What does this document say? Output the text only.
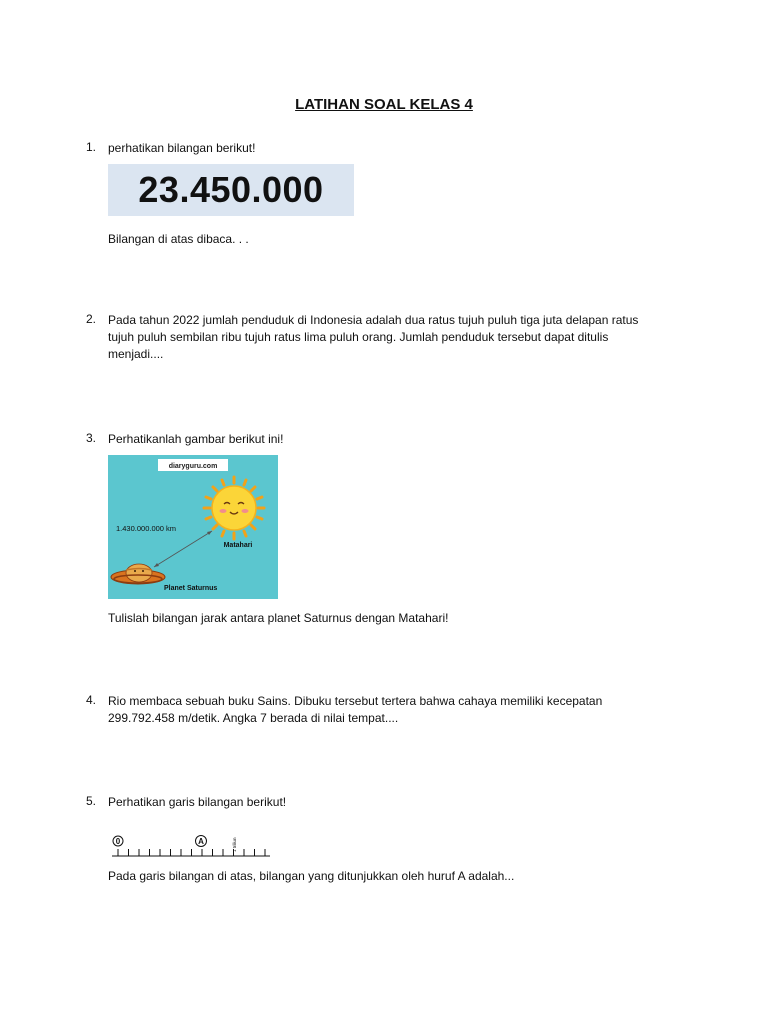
LATIHAN SOAL KELAS 4
1. perhatikan bilangan berikut!
23.450.000
Bilangan di atas dibaca. . .
2. Pada tahun 2022 jumlah penduduk di Indonesia adalah dua ratus tujuh puluh tiga juta delapan ratus
tujuh puluh sembilan ribu tujuh ratus lima puluh orang. Jumlah penduduk tersebut dapat ditulis
menjadi....
3. Perhatikanlah gambar berikut ini!
diaryguru.com
Matahari
1.430.000.000 km
Planet Saturnus
Tulislah bilangan jarak antara planet Saturnus dengan Matahari!
4. Rio membaca sebuah buku Sains. Dibuku tersebut tertera bahwa cahaya memiliki kecepatan
299.792.458 m/detik. Angka 7 berada di nilai tempat....
5. Perhatikan garis bilangan berikut!
0	A	1 triliun
Pada garis bilangan di atas, bilangan yang ditunjukkan oleh huruf A adalah...
